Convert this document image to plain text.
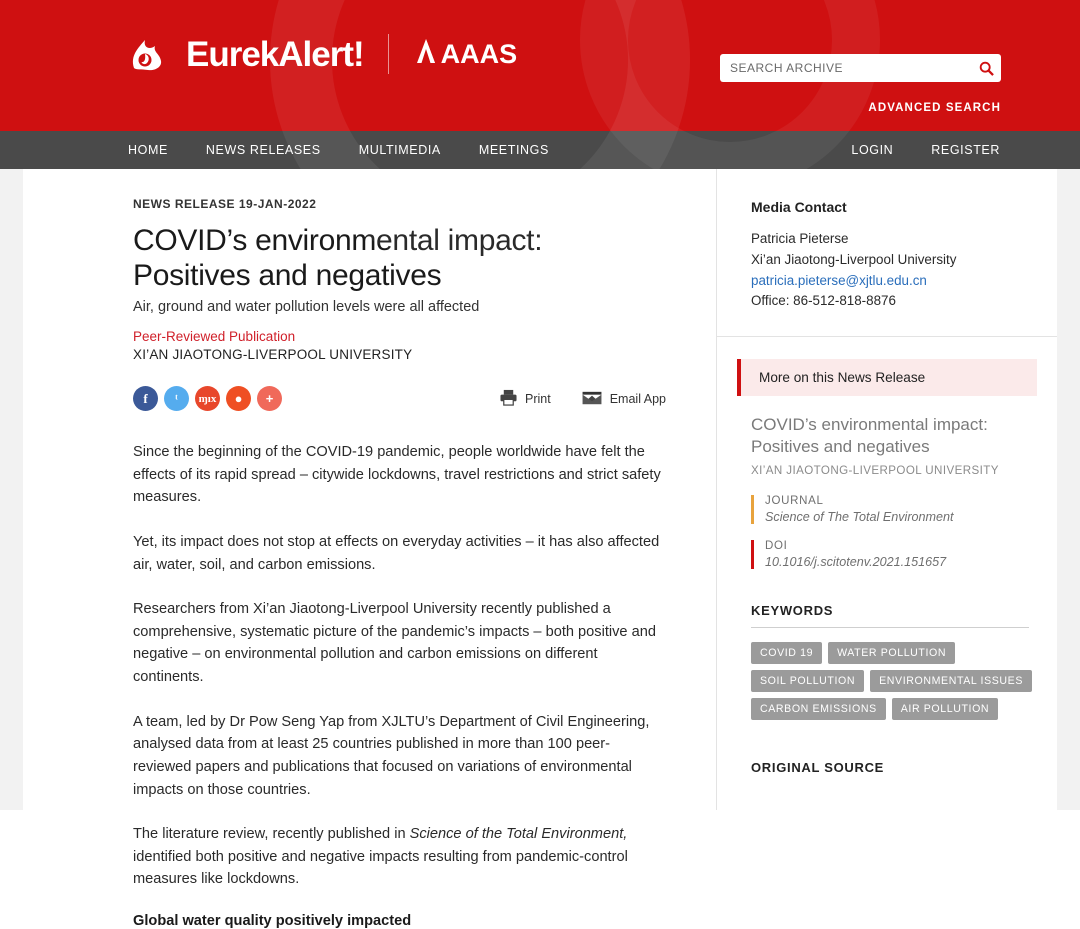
EurekAlert!	AAAS
SEARCH ARCHIVE
ADVANCED SEARCH
HOME	NEWS RELEASES	MULTIMEDIA	MEETINGS	LOGIN	REGISTER
NEWS RELEASE 19-JAN-2022
COVID’s environmental impact: Positives and negatives
Air, ground and water pollution levels were all affected
Peer-Reviewed Publication
XI’AN JIAOTONG-LIVERPOOL UNIVERSITY
f	ᵗ	ɱıx	●	+	Print	Email App

Since the beginning of the COVID-19 pandemic, people worldwide have felt the effects of its rapid spread – citywide lockdowns, travel restrictions and strict safety measures.

Yet, its impact does not stop at effects on everyday activities – it has also affected air, water, soil, and carbon emissions.

Researchers from Xi’an Jiaotong-Liverpool University recently published a comprehensive, systematic picture of the pandemic’s impacts – both positive and negative – on environmental pollution and carbon emissions on different continents.

A team, led by Dr Pow Seng Yap from XJLTU’s Department of Civil Engineering, analysed data from at least 25 countries published in more than 100 peer-reviewed papers and publications that focused on variations of environmental impacts on those countries.

The literature review, recently published in Science of the Total Environment, identified both positive and negative impacts resulting from pandemic-control measures like lockdowns.

Global water quality positively impacted
Media Contact
Patricia Pieterse
Xi’an Jiaotong-Liverpool University
patricia.pieterse@xjtlu.edu.cn
Office: 86-512-818-8876
More on this News Release
COVID’s environmental impact: Positives and negatives
XI’AN JIAOTONG-LIVERPOOL UNIVERSITY
JOURNAL
Science of The Total Environment
DOI
10.1016/j.scitotenv.2021.151657
KEYWORDS
COVID 19	WATER POLLUTION
SOIL POLLUTION	ENVIRONMENTAL ISSUES
CARBON EMISSIONS	AIR POLLUTION
ORIGINAL SOURCE
